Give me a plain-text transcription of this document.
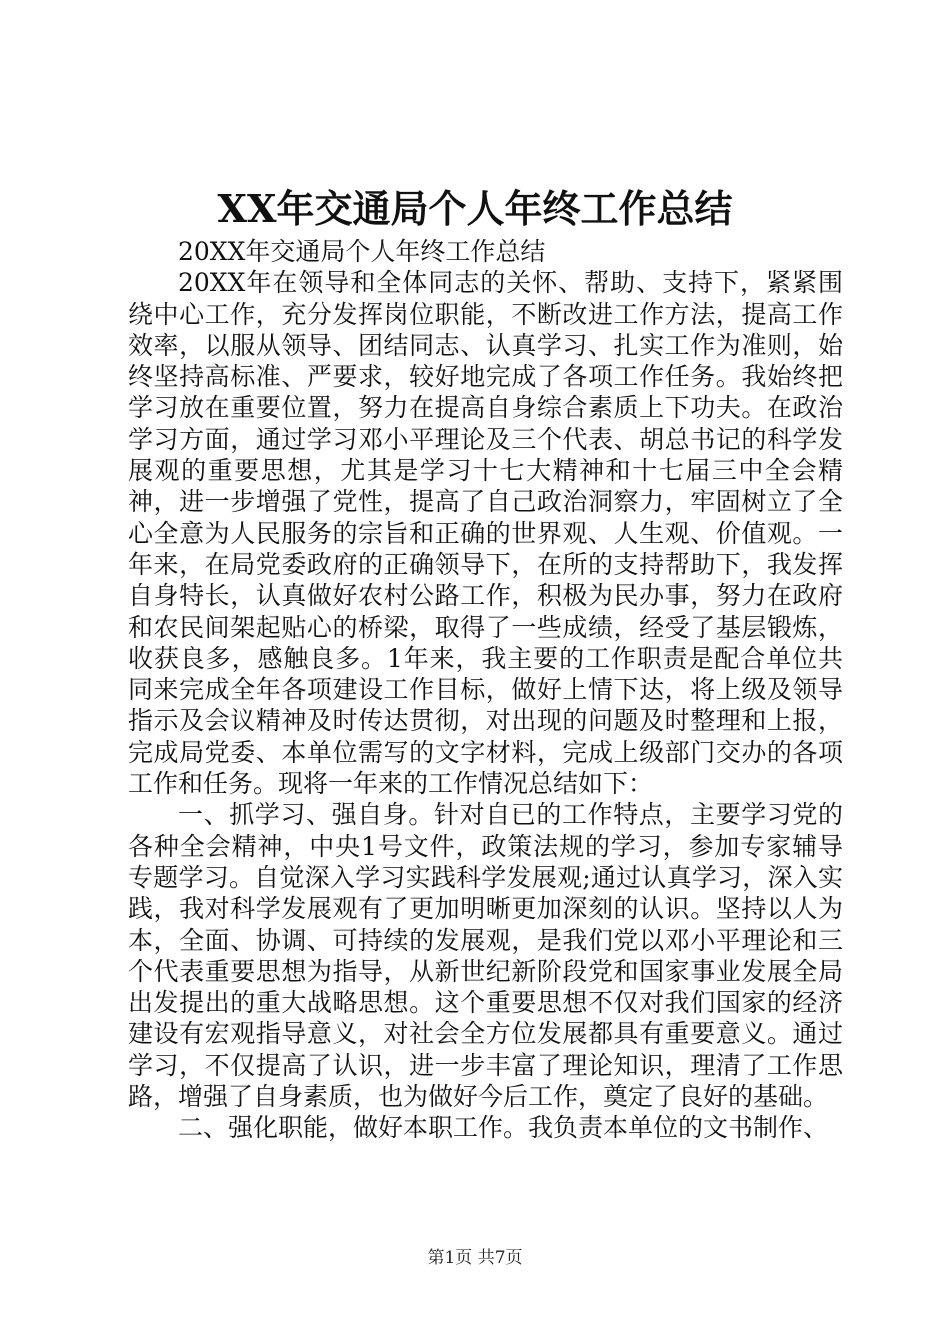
XX年交通局个人年终工作总结

20XX年交通局个人年终工作总结

20XX年在领导和全体同志的关怀、帮助、支持下，紧紧围绕中心工作，充分发挥岗位职能，不断改进工作方法，提高工作效率，以服从领导、团结同志、认真学习、扎实工作为准则，始终坚持高标准、严要求，较好地完成了各项工作任务。我始终把学习放在重要位置，努力在提高自身综合素质上下功夫。在政治学习方面，通过学习邓小平理论及三个代表、胡总书记的科学发展观的重要思想，尤其是学习十七大精神和十七届三中全会精神，进一步增强了党性，提高了自己政治洞察力，牢固树立了全心全意为人民服务的宗旨和正确的世界观、人生观、价值观。一年来，在局党委政府的正确领导下，在所的支持帮助下，我发挥自身特长，认真做好农村公路工作，积极为民办事，努力在政府和农民间架起贴心的桥梁，取得了一些成绩，经受了基层锻炼，收获良多，感触良多。1年来，我主要的工作职责是配合单位共同来完成全年各项建设工作目标，做好上情下达，将上级及领导指示及会议精神及时传达贯彻，对出现的问题及时整理和上报，完成局党委、本单位需写的文字材料，完成上级部门交办的各项工作和任务。现将一年来的工作情况总结如下：

一、抓学习、强自身。针对自已的工作特点，主要学习党的各种全会精神，中央1号文件，政策法规的学习，参加专家辅导专题学习。自觉深入学习实践科学发展观;通过认真学习，深入实践，我对科学发展观有了更加明晰更加深刻的认识。坚持以人为本，全面、协调、可持续的发展观，是我们党以邓小平理论和三个代表重要思想为指导，从新世纪新阶段党和国家事业发展全局出发提出的重大战略思想。这个重要思想不仅对我们国家的经济建设有宏观指导意义，对社会全方位发展都具有重要意义。通过学习，不仅提高了认识，进一步丰富了理论知识，理清了工作思路，增强了自身素质，也为做好今后工作，奠定了良好的基础。

二、强化职能，做好本职工作。我负责本单位的文书制作、

第1页 共7页
